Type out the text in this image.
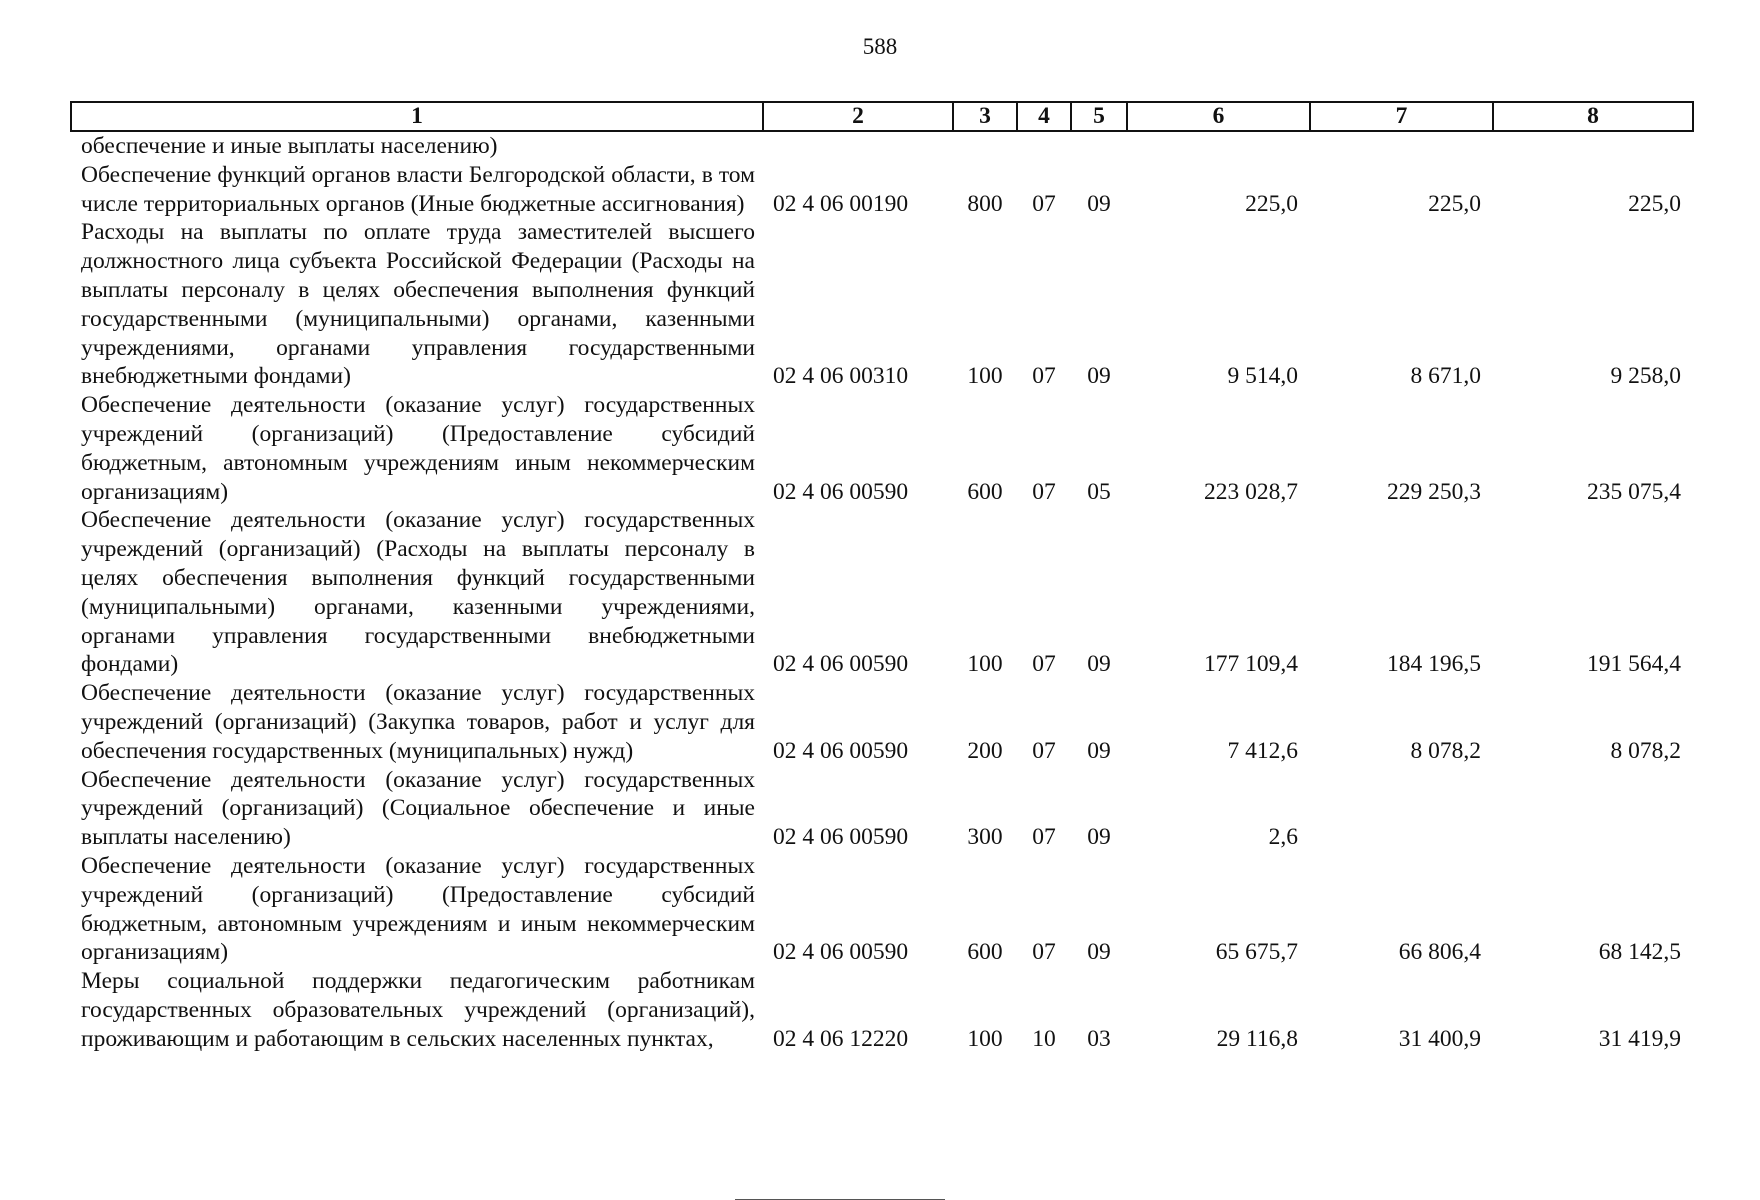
588
1	2	3	4	5	6	7	8
обеспечение и иные выплаты населению)							
Обеспечение функций органов власти Белгородской области, в том числе территориальных органов (Иные бюджетные ассигнования)	02 4 06 00190	800	07	09	225,0	225,0	225,0
Расходы на выплаты по оплате труда заместителей высшего должностного лица субъекта Российской Федерации (Расходы на выплаты персоналу в целях обеспечения выполнения функций государственными (муниципальными) органами, казенными учреждениями, органами управления государственными внебюджетными фондами)	02 4 06 00310	100	07	09	9 514,0	8 671,0	9 258,0
Обеспечение деятельности (оказание услуг) государственных учреждений (организаций) (Предоставление субсидий бюджетным, автономным учреждениям иным некоммерческим организациям)	02 4 06 00590	600	07	05	223 028,7	229 250,3	235 075,4
Обеспечение деятельности (оказание услуг) государственных учреждений (организаций) (Расходы на выплаты персоналу в целях обеспечения выполнения функций государственными (муниципальными) органами, казенными учреждениями, органами управления государственными внебюджетными фондами)	02 4 06 00590	100	07	09	177 109,4	184 196,5	191 564,4
Обеспечение деятельности (оказание услуг) государственных учреждений (организаций) (Закупка товаров, работ и услуг для обеспечения государственных (муниципальных) нужд)	02 4 06 00590	200	07	09	7 412,6	8 078,2	8 078,2
Обеспечение деятельности (оказание услуг) государственных учреждений (организаций) (Социальное обеспечение и иные выплаты населению)	02 4 06 00590	300	07	09	2,6		
Обеспечение деятельности (оказание услуг) государственных учреждений (организаций) (Предоставление субсидий бюджетным, автономным учреждениям и иным некоммерческим организациям)	02 4 06 00590	600	07	09	65 675,7	66 806,4	68 142,5
Меры социальной поддержки педагогическим работникам государственных образовательных учреждений (организаций), проживающим и работающим в сельских населенных пунктах,	02 4 06 12220	100	10	03	29 116,8	31 400,9	31 419,9
